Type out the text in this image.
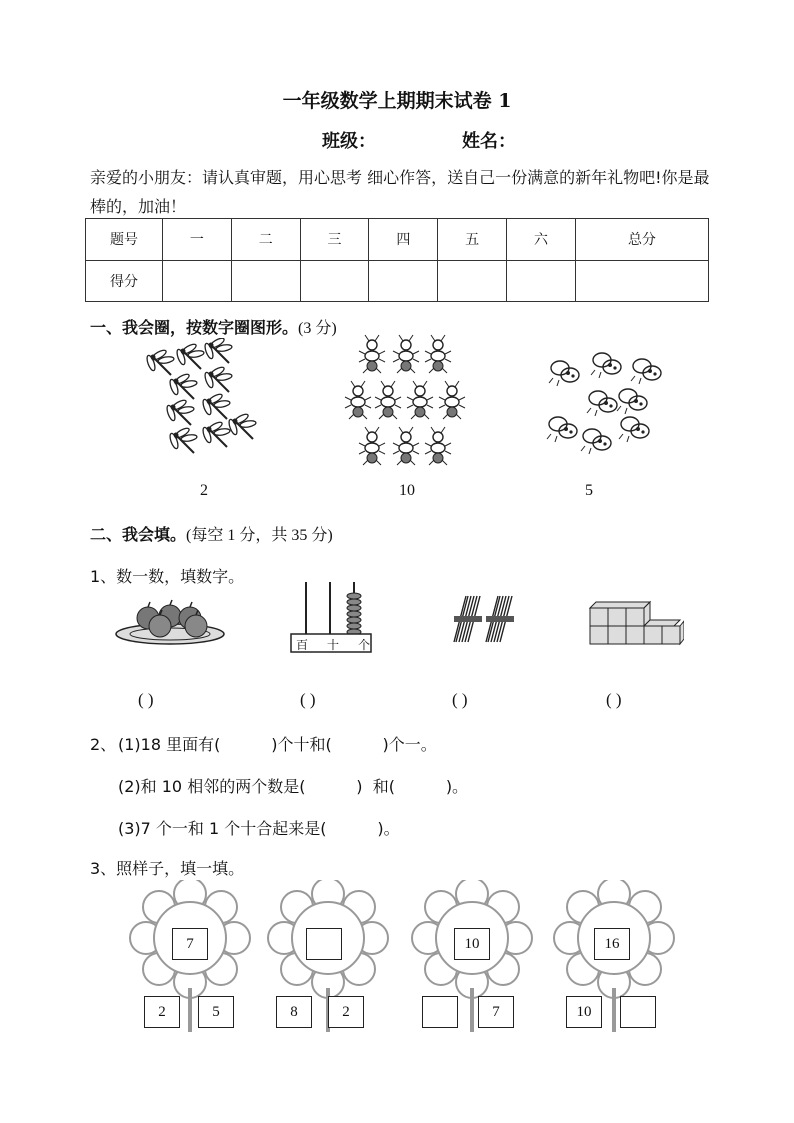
一年级数学上期期末试卷 1
班级：	姓名：
亲爱的小朋友：请认真审题，用心思考 细心作答，送自己一份满意的新年礼物吧!你是最棒的，加油！
题号	一	二	三	四	五	六	总分
得分							
一、我会圈，按数字圈图形。(3 分)
2	10	5
二、我会填。(每空 1 分，共 35 分)
1、数一数，填数字。
百 十 个
( )	( )	( )	( )
2、 (1)18 里面有(          )个十和(          )个一。
(2)和 10 相邻的两个数是(          )  和(          )。
(3)7 个一和 1 个十合起来是(          )。
3、照样子，填一填。
7
2	5	8	2
10
7
16
10
